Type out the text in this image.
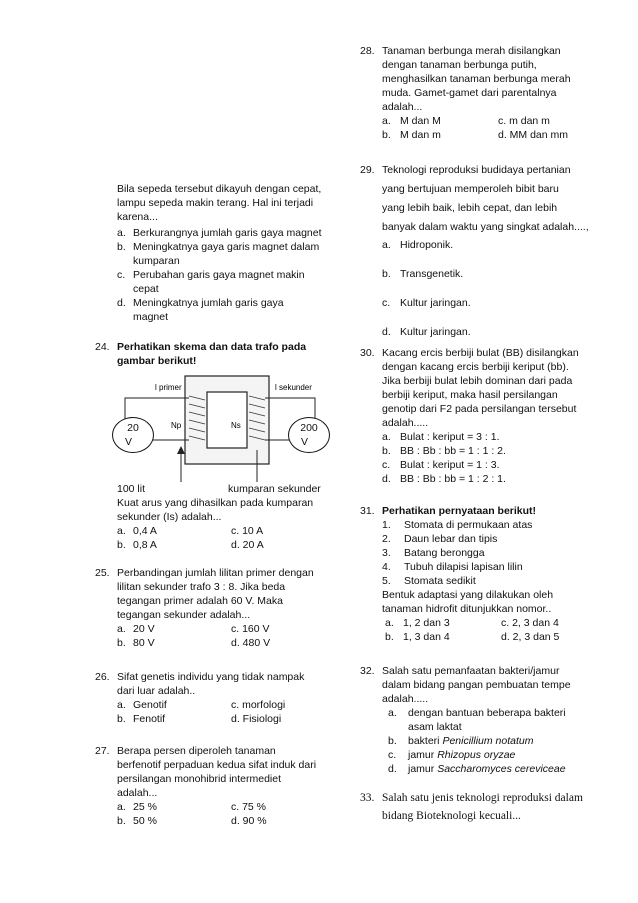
Bila sepeda tersebut dikayuh dengan cepat,
lampu sepeda makin terang. Hal ini terjadi
karena...
a. Berkurangnya jumlah garis gaya magnet
b. Meningkatnya gaya garis magnet dalam
kumparan
c. Perubahan garis gaya magnet makin
cepat
d. Meningkatnya jumlah garis gaya
magnet
24. Perhatikan skema dan data trafo pada
gambar berikut!
l primer	l sekunder
Np	Ns
20
V
200
V
100 lit	kumparan sekunder
Kuat arus yang dihasilkan pada kumparan
sekunder (Is) adalah...
a. 0,4 A	c. 10 A
b. 0,8 A	d. 20 A
25. Perbandingan jumlah lilitan primer dengan
lilitan sekunder trafo 3 : 8. Jika beda
tegangan primer adalah 60 V. Maka
tegangan sekunder adalah...
a. 20 V	c. 160 V
b. 80 V	d. 480 V
26. Sifat genetis individu yang tidak nampak
dari luar adalah..
a. Genotif	c. morfologi
b. Fenotif	d. Fisiologi
27. Berapa persen diperoleh tanaman
berfenotif perpaduan kedua sifat induk dari
persilangan monohibrid intermediet
adalah...
a. 25 %	c. 75 %
b. 50 %	d. 90 %
28. Tanaman berbunga merah disilangkan
dengan tanaman berbunga putih,
menghasilkan tanaman berbunga merah
muda. Gamet-gamet dari parentalnya
adalah...
a. M dan M	c. m dan m
b. M dan m	d. MM dan mm
29. Teknologi reproduksi budidaya pertanian
yang bertujuan memperoleh bibit baru
yang lebih baik, lebih cepat, dan lebih
banyak dalam waktu yang singkat adalah....,
a. Hidroponik.
b. Transgenetik.
c. Kultur jaringan.
d. Kultur jaringan.
30. Kacang ercis berbiji bulat (BB) disilangkan
dengan kacang ercis berbiji keriput (bb).
Jika berbiji bulat lebih dominan dari pada
berbiji keriput, maka hasil persilangan
genotip dari F2 pada persilangan tersebut
adalah.....
a. Bulat : keriput = 3 : 1.
b. BB : Bb : bb = 1 : 1 : 2.
c. Bulat : keriput = 1 : 3.
d. BB : Bb : bb = 1 : 2 : 1.
31. Perhatikan pernyataan berikut!
1.	Stomata di permukaan atas
2.	Daun lebar dan tipis
3.	Batang berongga
4.	Tubuh dilapisi lapisan lilin
5.	Stomata sedikit
Bentuk adaptasi yang dilakukan oleh
tanaman hidrofit ditunjukkan nomor..
a. 1, 2 dan 3	c. 2, 3 dan 4
b. 1, 3 dan 4	d. 2, 3 dan 5
32. Salah satu pemanfaatan bakteri/jamur
dalam bidang pangan pembuatan tempe
adalah.....
a.	dengan bantuan beberapa bakteri
asam laktat
b.	bakteri Penicillium notatum
c.	jamur Rhizopus oryzae
d.	jamur Saccharomyces cereviceae
33. Salah satu jenis teknologi reproduksi dalam
bidang Bioteknologi kecuali...
